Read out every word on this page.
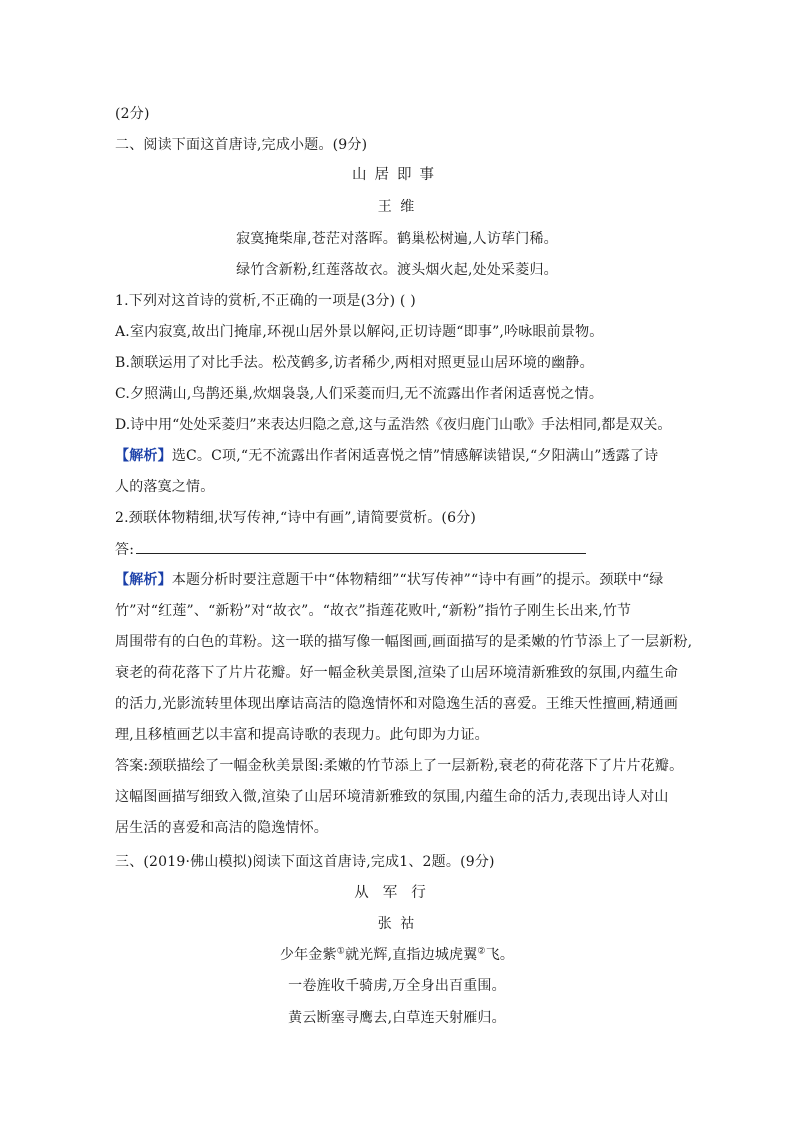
(2分)
二、阅读下面这首唐诗,完成小题。(9分)
山居即事
王 维
寂寞掩柴扉,苍茫对落晖。鹤巢松树遍,人访荜门稀。
绿竹含新粉,红莲落故衣。渡头烟火起,处处采菱归。
1.下列对这首诗的赏析,不正确的一项是(3分) ( )
A.室内寂寞,故出门掩扉,环视山居外景以解闷,正切诗题“即事”,吟咏眼前景物。
B.颔联运用了对比手法。松茂鹤多,访者稀少,两相对照更显山居环境的幽静。
C.夕照满山,鸟鹊还巢,炊烟袅袅,人们采菱而归,无不流露出作者闲适喜悦之情。
D.诗中用“处处采菱归”来表达归隐之意,这与孟浩然《夜归鹿门山歌》手法相同,都是双关。
【解析】选C。C项,“无不流露出作者闲适喜悦之情”情感解读错误,“夕阳满山”透露了诗
人的落寞之情。
2.颈联体物精细,状写传神,“诗中有画”,请简要赏析。(6分)
答:
【解析】本题分析时要注意题干中“体物精细”“状写传神”“诗中有画”的提示。颈联中“绿
竹”对“红莲”、“新粉”对“故衣”。“故衣”指莲花败叶,“新粉”指竹子刚生长出来,竹节
周围带有的白色的茸粉。这一联的描写像一幅图画,画面描写的是柔嫩的竹节添上了一层新粉,
衰老的荷花落下了片片花瓣。好一幅金秋美景图,渲染了山居环境清新雅致的氛围,内蕴生命
的活力,光影流转里体现出摩诘高洁的隐逸情怀和对隐逸生活的喜爱。王维天性擅画,精通画
理,且移植画艺以丰富和提高诗歌的表现力。此句即为力证。
答案:颈联描绘了一幅金秋美景图:柔嫩的竹节添上了一层新粉,衰老的荷花落下了片片花瓣。
这幅图画描写细致入微,渲染了山居环境清新雅致的氛围,内蕴生命的活力,表现出诗人对山
居生活的喜爱和高洁的隐逸情怀。
三、(2019·佛山模拟)阅读下面这首唐诗,完成1、2题。(9分)
从军行
张 祜
少年金紫①就光辉,直指边城虎翼②飞。
一卷旌收千骑虏,万全身出百重围。
黄云断塞寻鹰去,白草连天射雁归。
